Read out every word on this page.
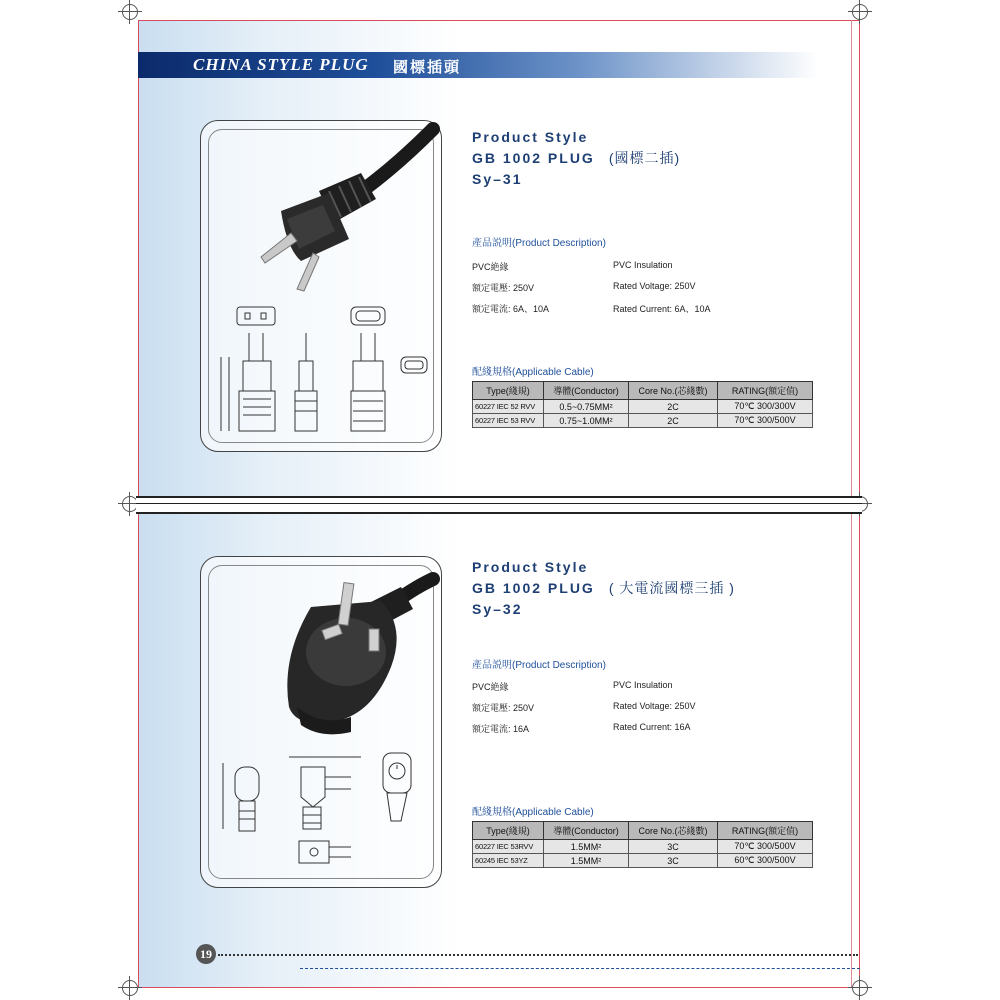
CHINA STYLE PLUG 國標插頭
Product Style
GB 1002 PLUG (國標二插)
Sy–31
產品説明(Product Description)
PVC絶緣	PVC Insulation
額定電壓: 250V	Rated Voltage: 250V
額定電流: 6A、10A	Rated Current: 6A、10A
配綫規格(Applicable Cable)
Type(綫規)	導體(Conductor)	Core No.(芯綫數)	RATING(額定值)
60227 IEC 52 RVV	0.5~0.75MM²	2C	70℃ 300/300V
60227 IEC 53 RVV	0.75~1.0MM²	2C	70℃ 300/500V
Product Style
GB 1002 PLUG ( 大電流國標三插 )
Sy–32
產品説明(Product Description)
PVC絶緣	PVC Insulation
額定電壓: 250V	Rated Voltage: 250V
額定電流: 16A	Rated Current: 16A
配綫規格(Applicable Cable)
Type(綫規)	導體(Conductor)	Core No.(芯綫數)	RATING(額定值)
60227 IEC 53RVV	1.5MM²	3C	70℃ 300/500V
60245 IEC 53YZ	1.5MM²	3C	60℃ 300/500V
19
